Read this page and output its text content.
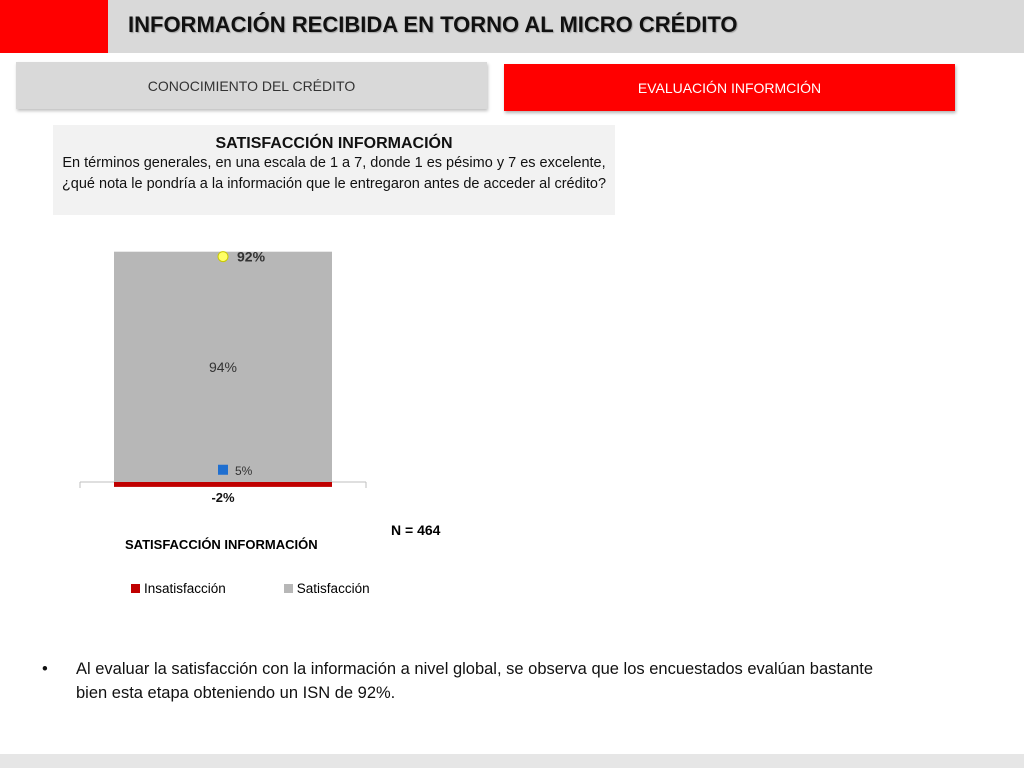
INFORMACIÓN RECIBIDA EN TORNO AL MICRO CRÉDITO
CONOCIMIENTO DEL CRÉDITO	EVALUACIÓN INFORMCIÓN
SATISFACCIÓN INFORMACIÓN
En términos generales, en una escala de 1 a 7, donde 1 es pésimo y 7 es excelente, ¿qué nota le pondría a la información que le entregaron antes de acceder al crédito?
94%
-2%
92%
5%
N = 464
SATISFACCIÓN INFORMACIÓN
Insatisfacción	Satisfacción
• Al evaluar la satisfacción con la información a nivel global, se observa que los encuestados evalúan bastante bien esta etapa obteniendo un ISN de 92%.
